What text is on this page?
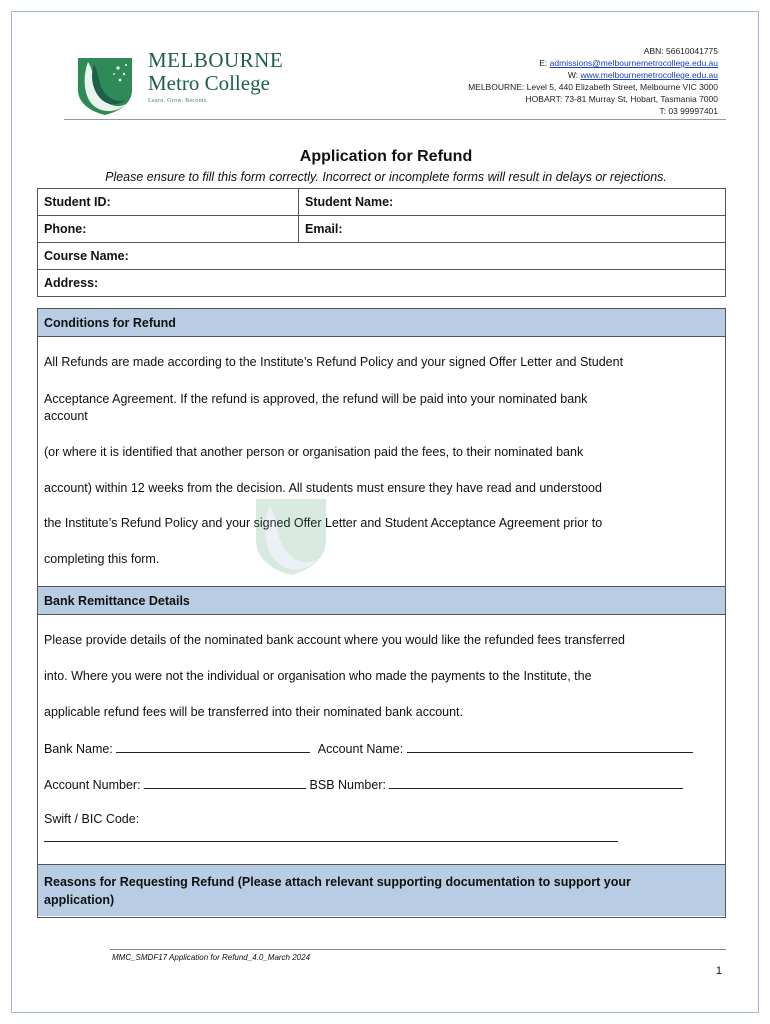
MELBOURNE
Metro College
Learn. Grow. Become.
ABN: 56610041775
E: admissions@melbournemetrocollege.edu.au
W: www.melbournemetrocollege.edu.au
MELBOURNE: Level 5, 440 Elizabeth Street, Melbourne VIC 3000
HOBART: 73-81 Murray St, Hobart, Tasmania 7000
T: 03 99997401
Application for Refund
Please ensure to fill this form correctly. Incorrect or incomplete forms will result in delays or rejections.
Student ID:	Student Name:
Phone:	Email:
Course Name:	
Address:	
Conditions for Refund
All Refunds are made according to the Institute’s Refund Policy and your signed Offer Letter and Student
Acceptance Agreement. If the refund is approved, the refund will be paid into your nominated bank
account
(or where it is identified that another person or organisation paid the fees, to their nominated bank
account) within 12 weeks from the decision. All students must ensure they have read and understood
the Institute’s Refund Policy and your signed Offer Letter and Student Acceptance Agreement prior to
completing this form.
Bank Remittance Details
Please provide details of the nominated bank account where you would like the refunded fees transferred
into. Where you were not the individual or organisation who made the payments to the Institute, the
applicable refund fees will be transferred into their nominated bank account.
Bank Name:	Account Name:
Account Number:	BSB Number:
Swift / BIC Code:
Reasons for Requesting Refund (Please attach relevant supporting documentation to support your
application)
MMC_SMDF17 Application for Refund_4.0_March 2024
1
